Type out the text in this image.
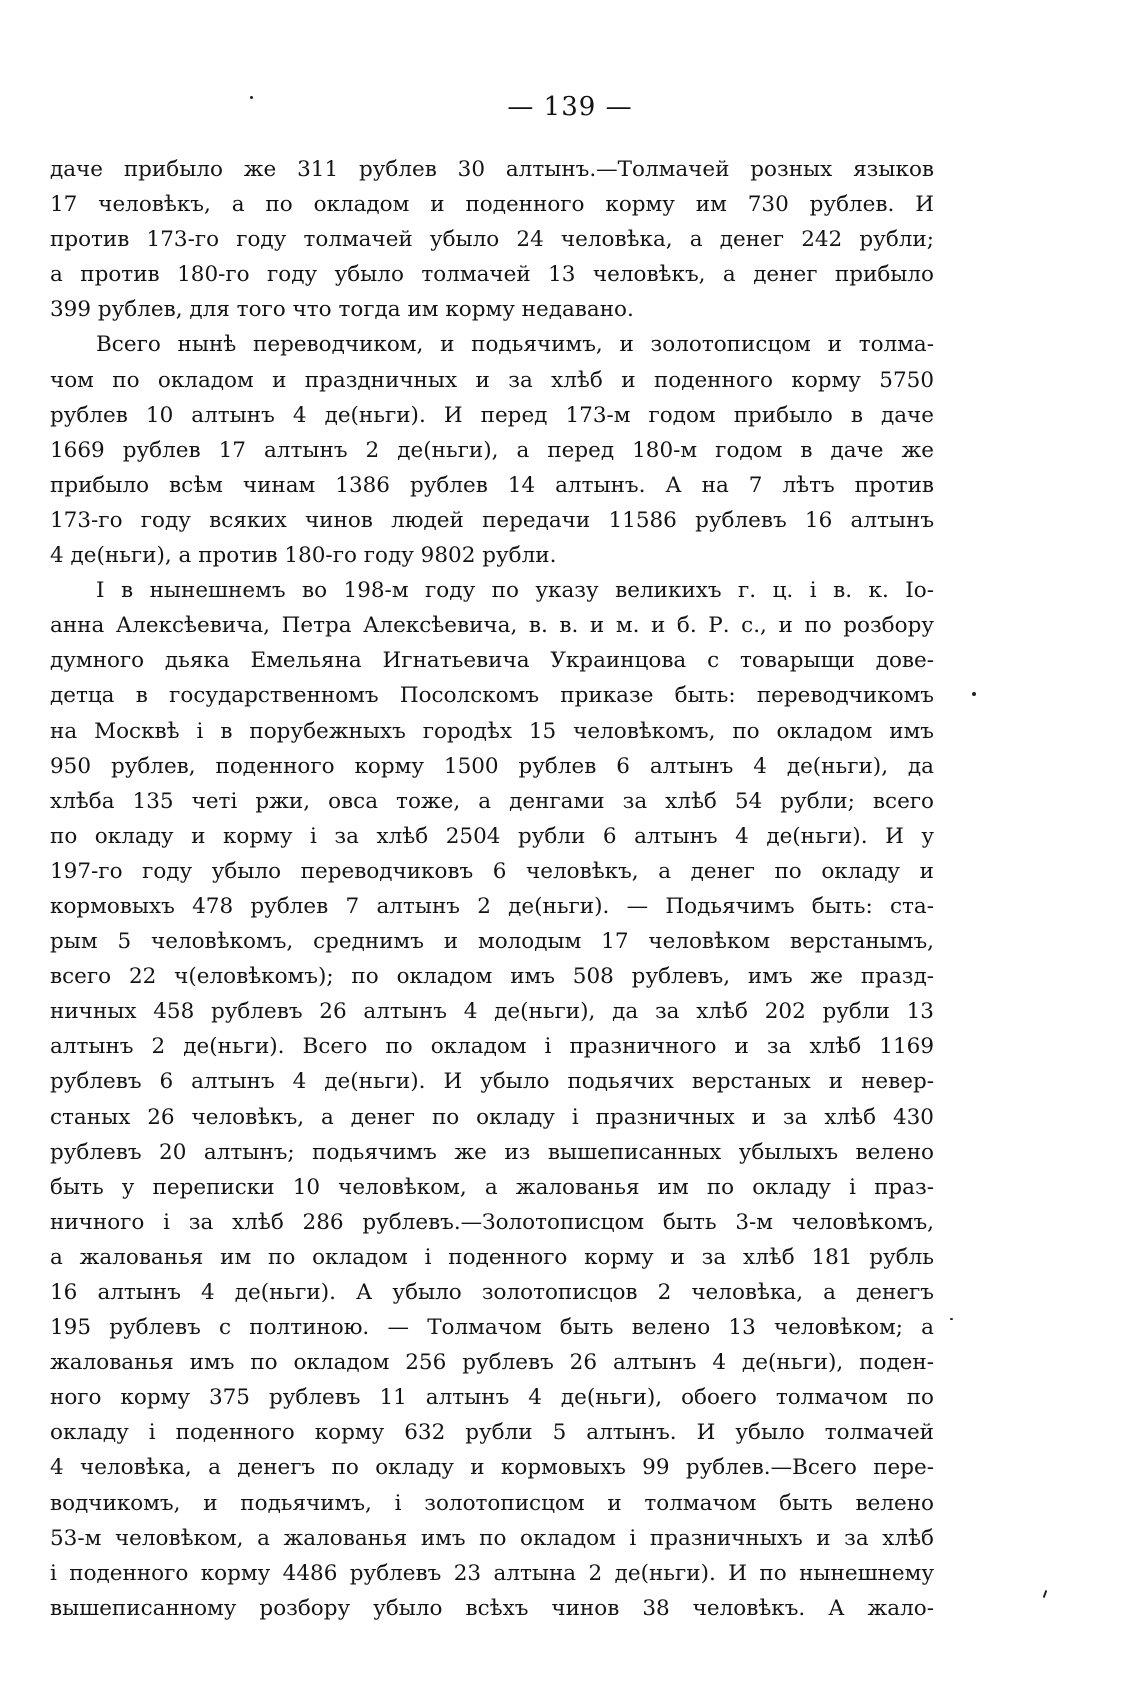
— 139 —
даче прибыло же 311 рублев 30 алтынъ.—Толмачей розных языков
17 человѣкъ, а по окладом и поденного корму им 730 рублев. И
против 173-го году толмачей убыло 24 человѣка, а денег 242 рубли;
а против 180-го году убыло толмачей 13 человѣкъ, а денег прибыло
399 рублев, для того что тогда им корму недавано.
Всего нынѣ переводчиком, и подьячимъ, и золотописцом и толма-
чом по окладом и праздничных и за хлѣб и поденного корму 5750
рублев 10 алтынъ 4 де(ньги). И перед 173-м годом прибыло в даче
1669 рублев 17 алтынъ 2 де(ньги), а перед 180-м годом в даче же
прибыло всѣм чинам 1386 рублев 14 алтынъ. А на 7 лѣтъ против
173-го году всяких чинов людей передачи 11586 рублевъ 16 алтынъ
4 де(ньги), а против 180-го году 9802 рубли.
І в нынешнемъ во 198-м году по указу великихъ г. ц. і в. к. Іо-
анна Алексѣевича, Петра Алексѣевича, в. в. и м. и б. Р. с., и по розбору
думного дьяка Емельяна Игнатьевича Украинцова с товарыщи дове-
детца в государственномъ Посолскомъ приказе быть: переводчикомъ
на Москвѣ і в порубежныхъ городѣх 15 человѣкомъ, по окладом имъ
950 рублев, поденного корму 1500 рублев 6 алтынъ 4 де(ньги), да
хлѣба 135 четі ржи, овса тоже, а денгами за хлѣб 54 рубли; всего
по окладу и корму і за хлѣб 2504 рубли 6 алтынъ 4 де(ньги). И у
197-го году убыло переводчиковъ 6 человѣкъ, а денег по окладу и
кормовыхъ 478 рублев 7 алтынъ 2 де(ньги). — Подьячимъ быть: ста-
рым 5 человѣкомъ, среднимъ и молодым 17 человѣком верстанымъ,
всего 22 ч(еловѣкомъ); по окладом имъ 508 рублевъ, имъ же празд-
ничных 458 рублевъ 26 алтынъ 4 де(ньги), да за хлѣб 202 рубли 13
алтынъ 2 де(ньги). Всего по окладом і празничного и за хлѣб 1169
рублевъ 6 алтынъ 4 де(ньги). И убыло подьячих верстаных и невер-
станых 26 человѣкъ, а денег по окладу і празничных и за хлѣб 430
рублевъ 20 алтынъ; подьячимъ же из вышеписанных убылыхъ велено
быть у переписки 10 человѣком, а жалованья им по окладу і праз-
ничного і за хлѣб 286 рублевъ.—Золотописцом быть 3-м человѣкомъ,
а жалованья им по окладом і поденного корму и за хлѣб 181 рубль
16 алтынъ 4 де(ньги). А убыло золотописцов 2 человѣка, а денегъ
195 рублевъ с полтиною. — Толмачом быть велено 13 человѣком; а
жалованья имъ по окладом 256 рублевъ 26 алтынъ 4 де(ньги), поден-
ного корму 375 рублевъ 11 алтынъ 4 де(ньги), обоего толмачом по
окладу і поденного корму 632 рубли 5 алтынъ. И убыло толмачей
4 человѣка, а денегъ по окладу и кормовыхъ 99 рублев.—Всего пере-
водчикомъ, и подьячимъ, і золотописцом и толмачом быть велено
53-м человѣком, а жалованья имъ по окладом і празничныхъ и за хлѣб
і поденного корму 4486 рублевъ 23 алтына 2 де(ньги). И по нынешнему
вышеписанному розбору убыло всѣхъ чинов 38 человѣкъ. А жало-
